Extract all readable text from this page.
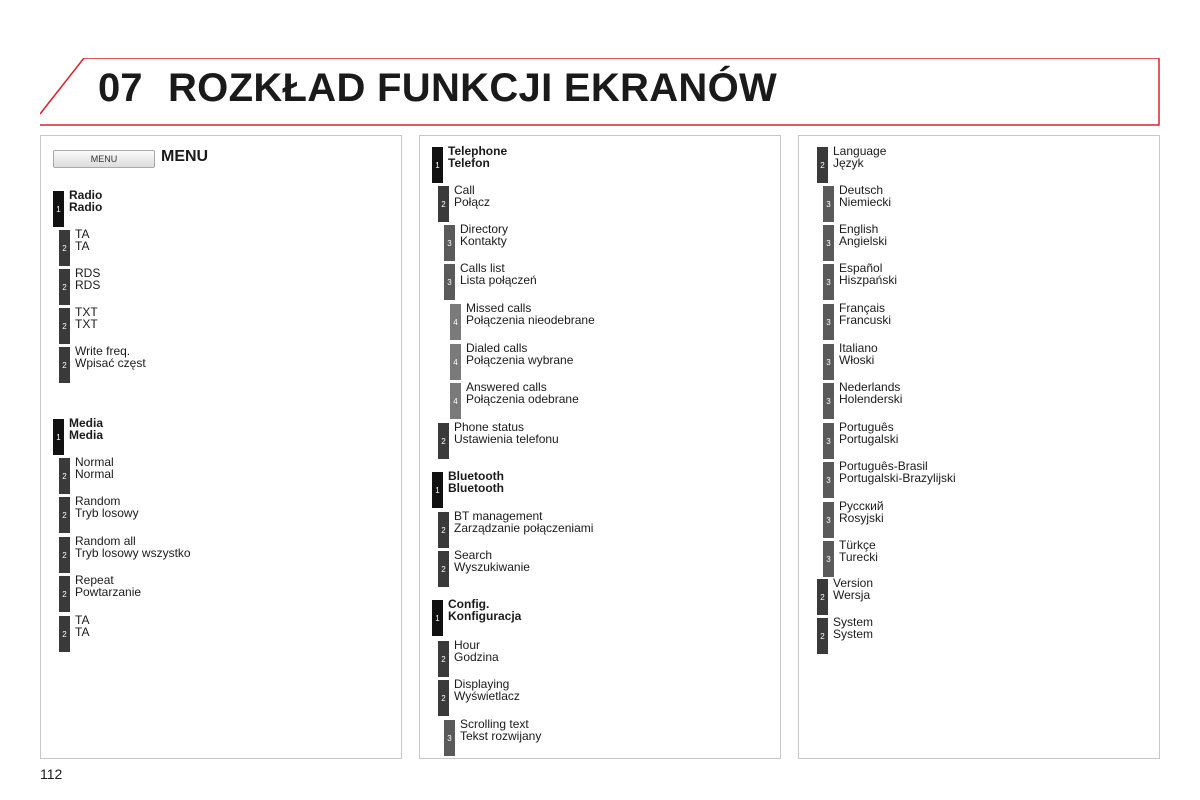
07 ROZKŁAD FUNKCJI EKRANÓW
MENU	MENU
1
Radio
Radio
2
TA
TA
2
RDS
RDS
2
TXT
TXT
2
Write freq.
Wpisać częst
1
Media
Media
2
Normal
Normal
2
Random
Tryb losowy
2
Random all
Tryb losowy wszystko
2
Repeat
Powtarzanie
2
TA
TA
1
Telephone
Telefon
2
Call
Połącz
3
Directory
Kontakty
3
Calls list
Lista połączeń
4
Missed calls
Połączenia nieodebrane
4
Dialed calls
Połączenia wybrane
4
Answered calls
Połączenia odebrane
2
Phone status
Ustawienia telefonu
1
Bluetooth
Bluetooth
2
BT management
Zarządzanie połączeniami
2
Search
Wyszukiwanie
1
Config.
Konfiguracja
2
Hour
Godzina
2
Displaying
Wyświetlacz
3
Scrolling text
Tekst rozwijany
2
Language
Język
3
Deutsch
Niemiecki
3
English
Angielski
3
Español
Hiszpański
3
Français
Francuski
3
Italiano
Włoski
3
Nederlands
Holenderski
3
Português
Portugalski
3
Português-Brasil
Portugalski-Brazylijski
3
Русский
Rosyjski
3
Türkçe
Turecki
2
Version
Wersja
2
System
System
112
